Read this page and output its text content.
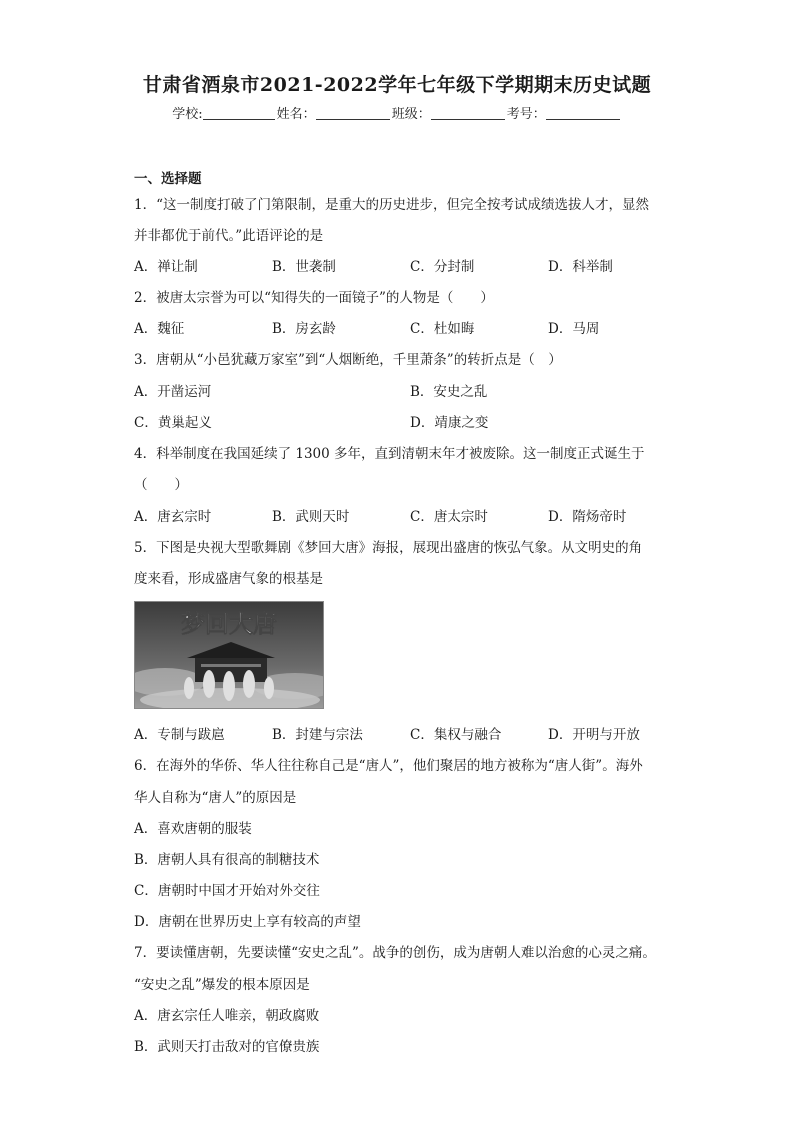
甘肃省酒泉市2021-2022学年七年级下学期期末历史试题
学校:	姓名：	班级：	考号：
一、选择题
1．“这一制度打破了门第限制，是重大的历史进步，但完全按考试成绩选拔人才，显然
并非都优于前代。”此语评论的是
A．禅让制	B．世袭制	C．分封制	D．科举制
2．被唐太宗誉为可以“知得失的一面镜子”的人物是（　　）
A．魏征	B．房玄龄	C．杜如晦	D．马周
3．唐朝从“小邑犹藏万家室”到“人烟断绝，千里萧条”的转折点是（　）
A．开凿运河	B．安史之乱
C．黄巢起义	D．靖康之变
4．科举制度在我国延续了 1300 多年，直到清朝末年才被废除。这一制度正式诞生于
（　　）
A．唐玄宗时	B．武则天时	C．唐太宗时	D．隋炀帝时
5．下图是央视大型歌舞剧《梦回大唐》海报，展现出盛唐的恢弘气象。从文明史的角
度来看，形成盛唐气象的根基是
梦回大唐
A．专制与跋扈	B．封建与宗法	C．集权与融合	D．开明与开放
6．在海外的华侨、华人往往称自己是“唐人”，他们聚居的地方被称为“唐人街”。海外
华人自称为“唐人”的原因是
A．喜欢唐朝的服装
B．唐朝人具有很高的制糖技术
C．唐朝时中国才开始对外交往
D．唐朝在世界历史上享有较高的声望
7．要读懂唐朝，先要读懂“安史之乱”。战争的创伤，成为唐朝人难以治愈的心灵之痛。
“安史之乱”爆发的根本原因是
A．唐玄宗任人唯亲，朝政腐败
B．武则天打击敌对的官僚贵族
